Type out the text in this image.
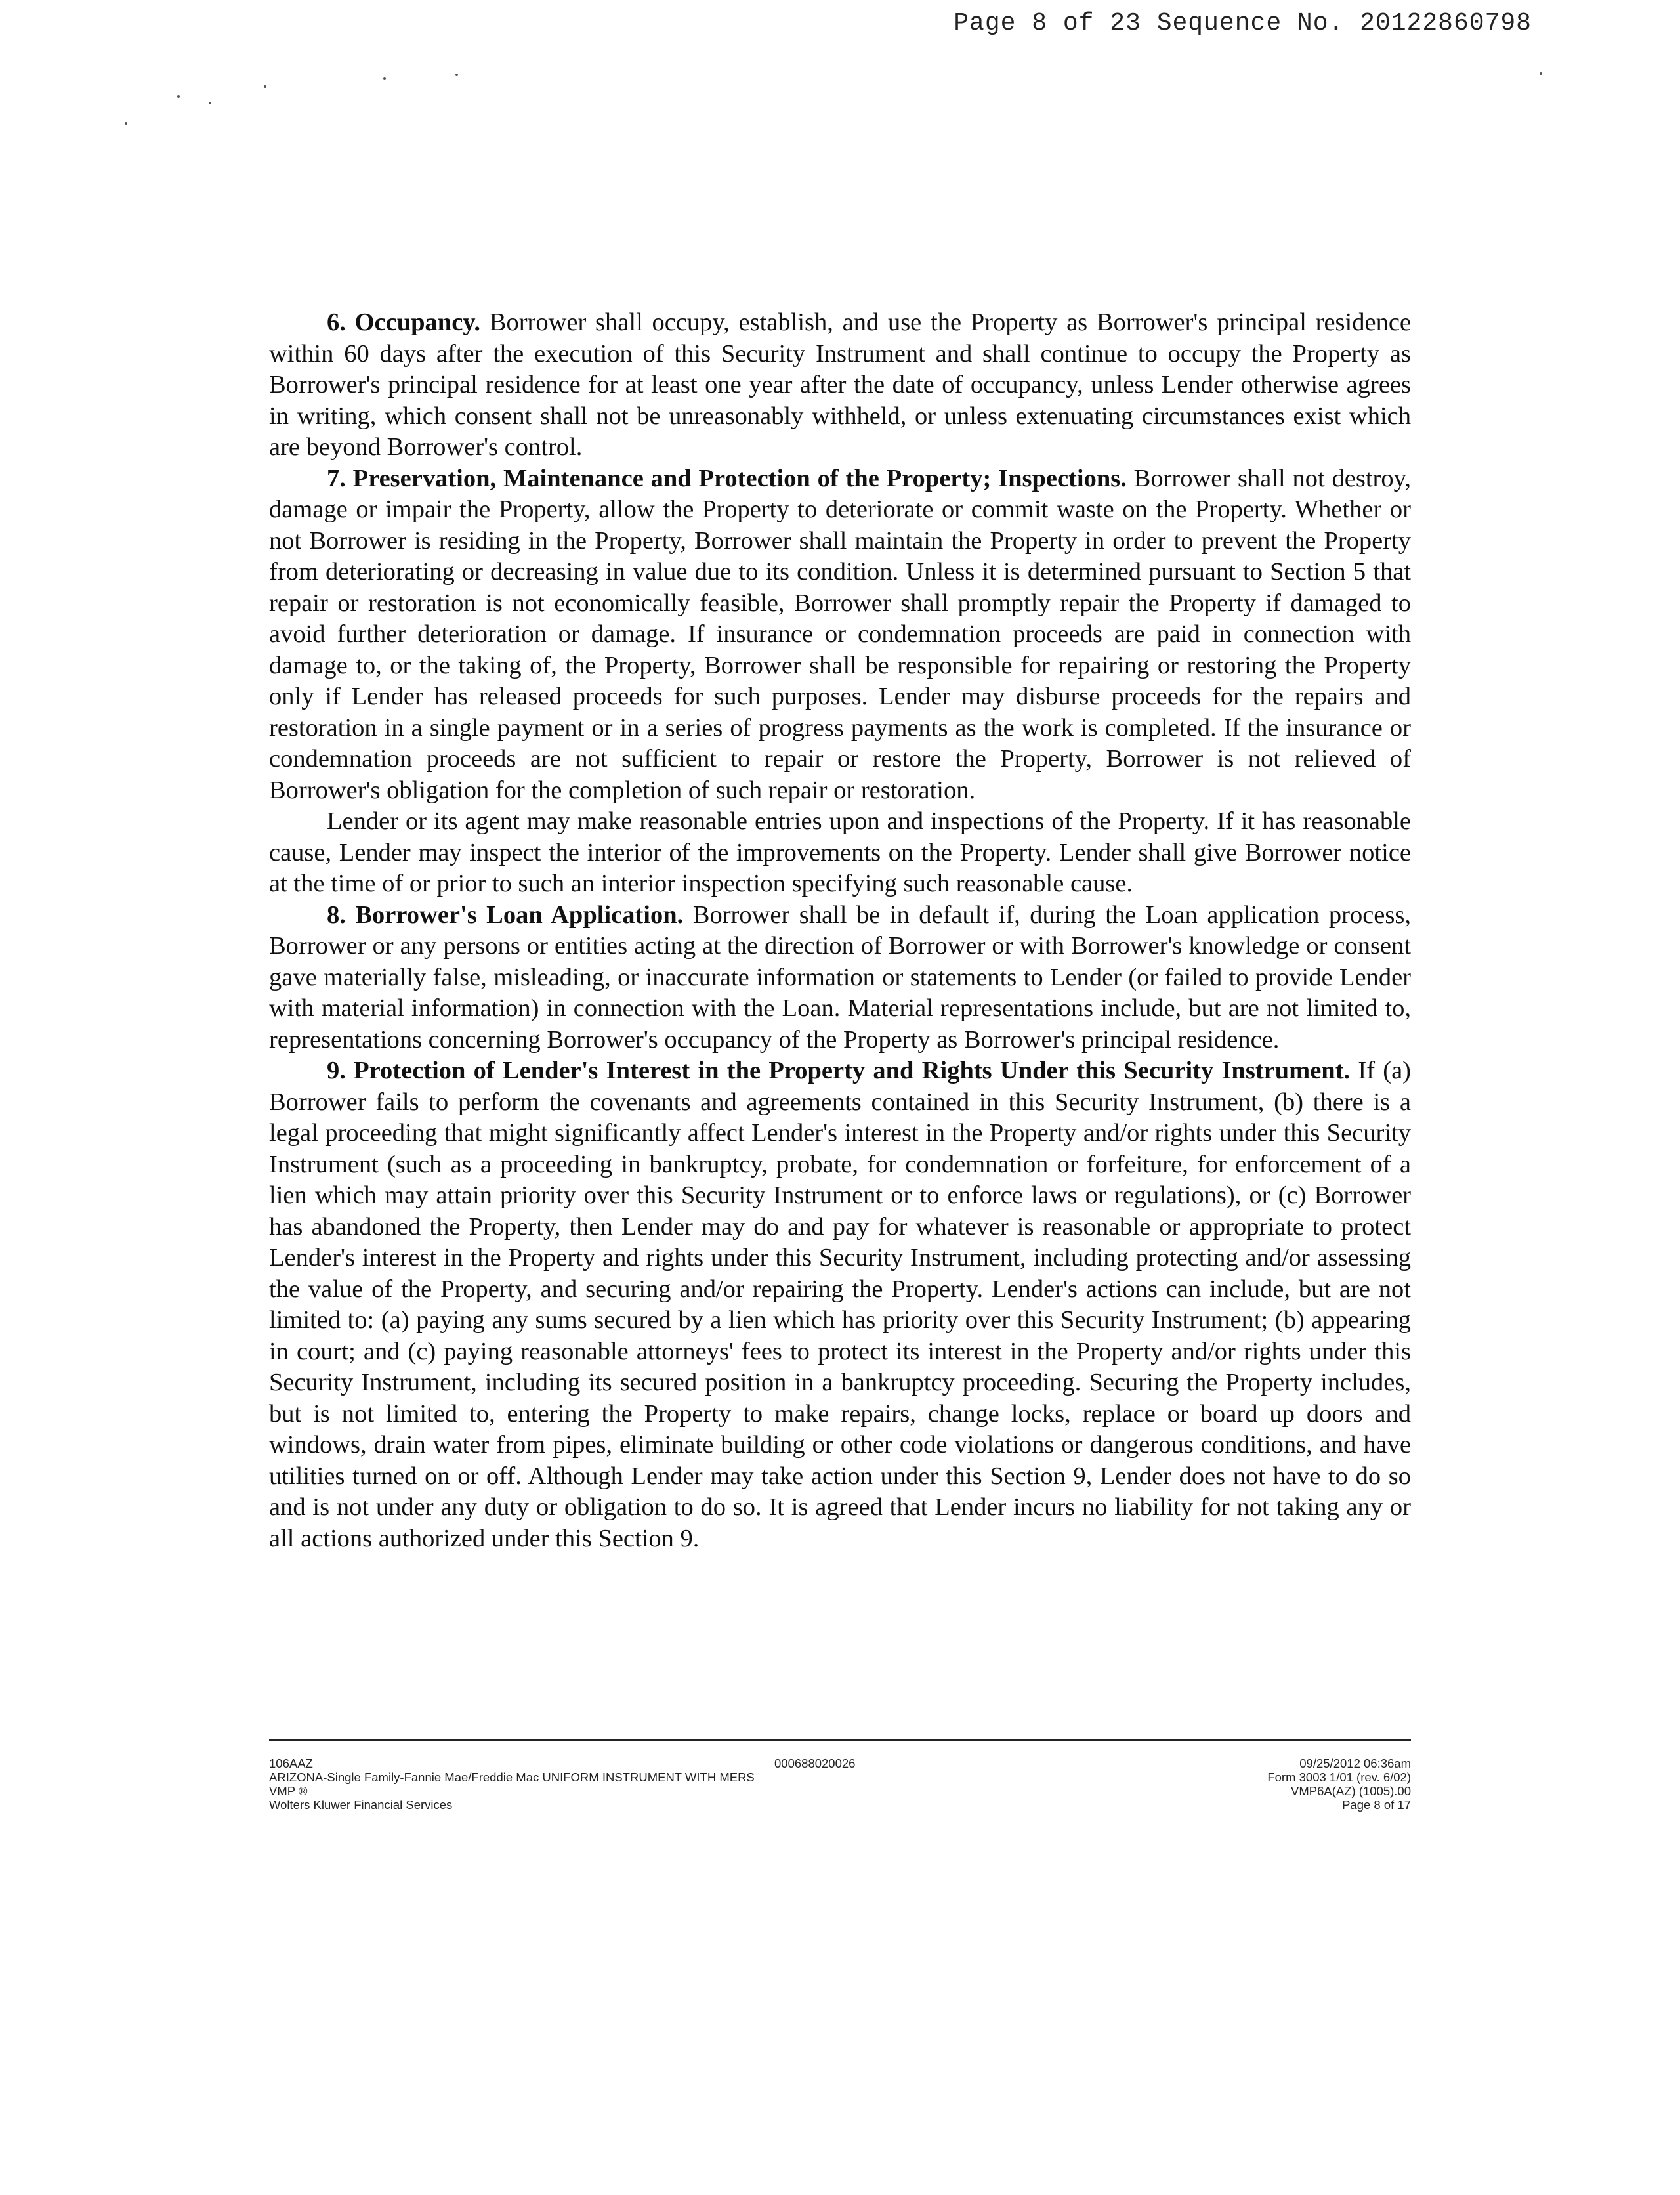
Page 8 of 23 Sequence No. 20122860798

6. Occupancy. Borrower shall occupy, establish, and use the Property as Borrower's principal residence within 60 days after the execution of this Security Instrument and shall continue to occupy the Property as Borrower's principal residence for at least one year after the date of occupancy, unless Lender otherwise agrees in writing, which consent shall not be unreasonably withheld, or unless extenuating circumstances exist which are beyond Borrower's control.

7. Preservation, Maintenance and Protection of the Property; Inspections. Borrower shall not destroy, damage or impair the Property, allow the Property to deteriorate or commit waste on the Property. Whether or not Borrower is residing in the Property, Borrower shall maintain the Property in order to prevent the Property from deteriorating or decreasing in value due to its condition. Unless it is determined pursuant to Section 5 that repair or restoration is not economically feasible, Borrower shall promptly repair the Property if damaged to avoid further deterioration or damage. If insurance or condemnation proceeds are paid in connection with damage to, or the taking of, the Property, Borrower shall be responsible for repairing or restoring the Property only if Lender has released proceeds for such purposes. Lender may disburse proceeds for the repairs and restoration in a single payment or in a series of progress payments as the work is completed. If the insurance or condemnation proceeds are not sufficient to repair or restore the Property, Borrower is not relieved of Borrower's obligation for the completion of such repair or restoration.

Lender or its agent may make reasonable entries upon and inspections of the Property. If it has reasonable cause, Lender may inspect the interior of the improvements on the Property. Lender shall give Borrower notice at the time of or prior to such an interior inspection specifying such reasonable cause.

8. Borrower's Loan Application. Borrower shall be in default if, during the Loan application process, Borrower or any persons or entities acting at the direction of Borrower or with Borrower's knowledge or consent gave materially false, misleading, or inaccurate information or statements to Lender (or failed to provide Lender with material information) in connection with the Loan. Material representations include, but are not limited to, representations concerning Borrower's occupancy of the Property as Borrower's principal residence.

9. Protection of Lender's Interest in the Property and Rights Under this Security Instrument. If (a) Borrower fails to perform the covenants and agreements contained in this Security Instrument, (b) there is a legal proceeding that might significantly affect Lender's interest in the Property and/or rights under this Security Instrument (such as a proceeding in bankruptcy, probate, for condemnation or forfeiture, for enforcement of a lien which may attain priority over this Security Instrument or to enforce laws or regulations), or (c) Borrower has abandoned the Property, then Lender may do and pay for whatever is reasonable or appropriate to protect Lender's interest in the Property and rights under this Security Instrument, including protecting and/or assessing the value of the Property, and securing and/or repairing the Property. Lender's actions can include, but are not limited to: (a) paying any sums secured by a lien which has priority over this Security Instrument; (b) appearing in court; and (c) paying reasonable attorneys' fees to protect its interest in the Property and/or rights under this Security Instrument, including its secured position in a bankruptcy proceeding. Securing the Property includes, but is not limited to, entering the Property to make repairs, change locks, replace or board up doors and windows, drain water from pipes, eliminate building or other code violations or dangerous conditions, and have utilities turned on or off. Although Lender may take action under this Section 9, Lender does not have to do so and is not under any duty or obligation to do so. It is agreed that Lender incurs no liability for not taking any or all actions authorized under this Section 9.

106AAZ
ARIZONA-Single Family-Fannie Mae/Freddie Mac UNIFORM INSTRUMENT WITH MERS
VMP ®
Wolters Kluwer Financial Services
000688020026	09/25/2012 06:36am
Form 3003 1/01 (rev. 6/02)
VMP6A(AZ) (1005).00
Page 8 of 17
